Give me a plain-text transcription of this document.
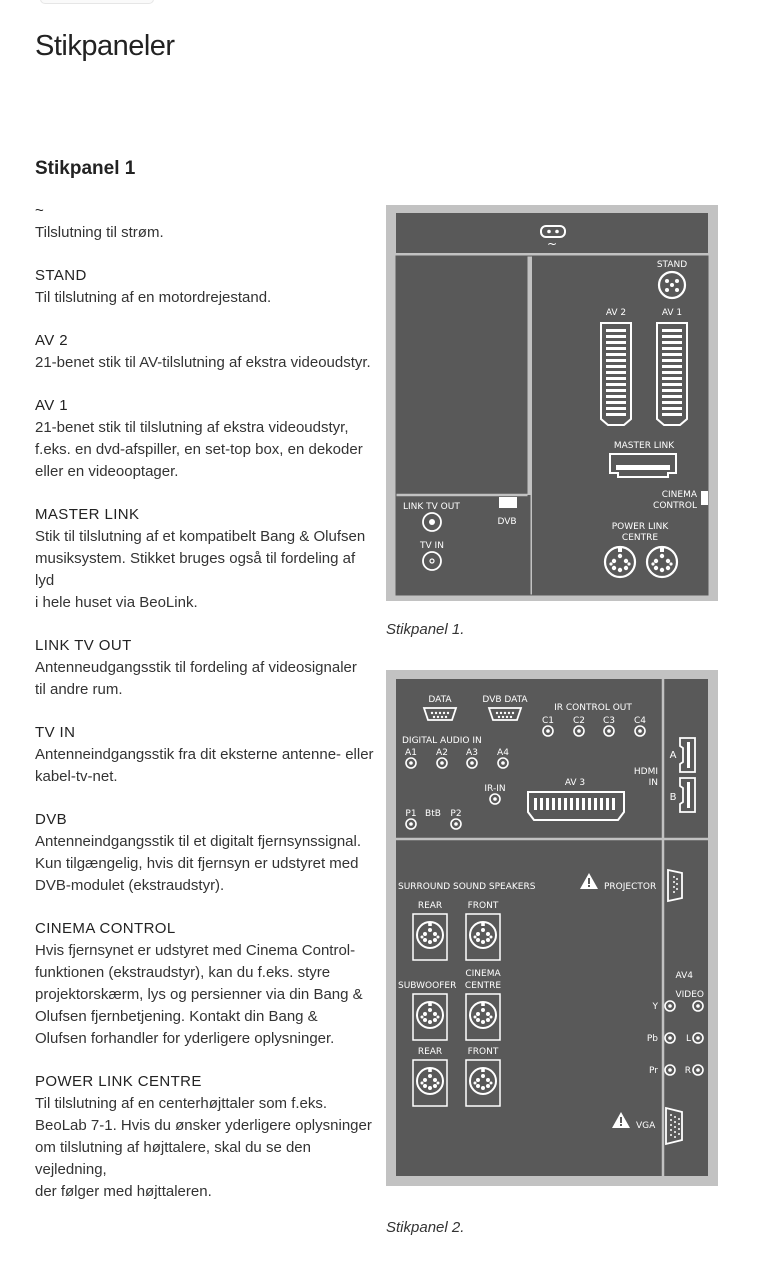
Stikpaneler
Stikpanel 1
~
Tilslutning til strøm.
STAND
Til tilslutning af en motordrejestand.
AV 2
21-benet stik til AV-tilslutning af ekstra videoudstyr.
AV 1
21-benet stik til tilslutning af ekstra videoudstyr,
f.eks. en dvd-afspiller, en set-top box, en dekoder
eller en videooptager.
MASTER LINK
Stik til tilslutning af et kompatibelt Bang & Olufsen
musiksystem. Stikket bruges også til fordeling af lyd
i hele huset via BeoLink.
LINK TV OUT
Antenneudgangsstik til fordeling af videosignaler
til andre rum.
TV IN
Antenneindgangsstik fra dit eksterne antenne- eller
kabel-tv-net.
DVB
Antenneindgangsstik til et digitalt fjernsynssignal.
Kun tilgængelig, hvis dit fjernsyn er udstyret med
DVB-modulet (ekstraudstyr).
CINEMA CONTROL
Hvis fjernsynet er udstyret med Cinema Control-
funktionen (ekstraudstyr), kan du f.eks. styre
projektorskærm, lys og persienner via din Bang &
Olufsen fjernbetjening. Kontakt din Bang &
Olufsen forhandler for yderligere oplysninger.
POWER LINK CENTRE
Til tilslutning af en centerhøjttaler som f.eks.
BeoLab 7-1. Hvis du ønsker yderligere oplysninger
om tilslutning af højttalere, skal du se den vejledning,
der følger med højttaleren.
~
STAND
AV 2	AV 1
MASTER LINK
CINEMA
CONTROL
LINK TV OUT
DVB
TV IN
POWER LINK
CENTRE
Stikpanel 1.
DATA	DVB DATA
IR CONTROL OUT
C1 C2 C3 C4
DIGITAL AUDIO IN
A1 A2 A3 A4
IR-IN
AV 3
P1 BtB P2
HDMI
IN
A
B
SURROUND SOUND SPEAKERS	PROJECTOR
REAR	FRONT
CINEMA
SUBWOOFER CENTRE
REAR	FRONT
AV4
VIDEO
Y
Pb	L
Pr	R
VGA
Stikpanel 2.
